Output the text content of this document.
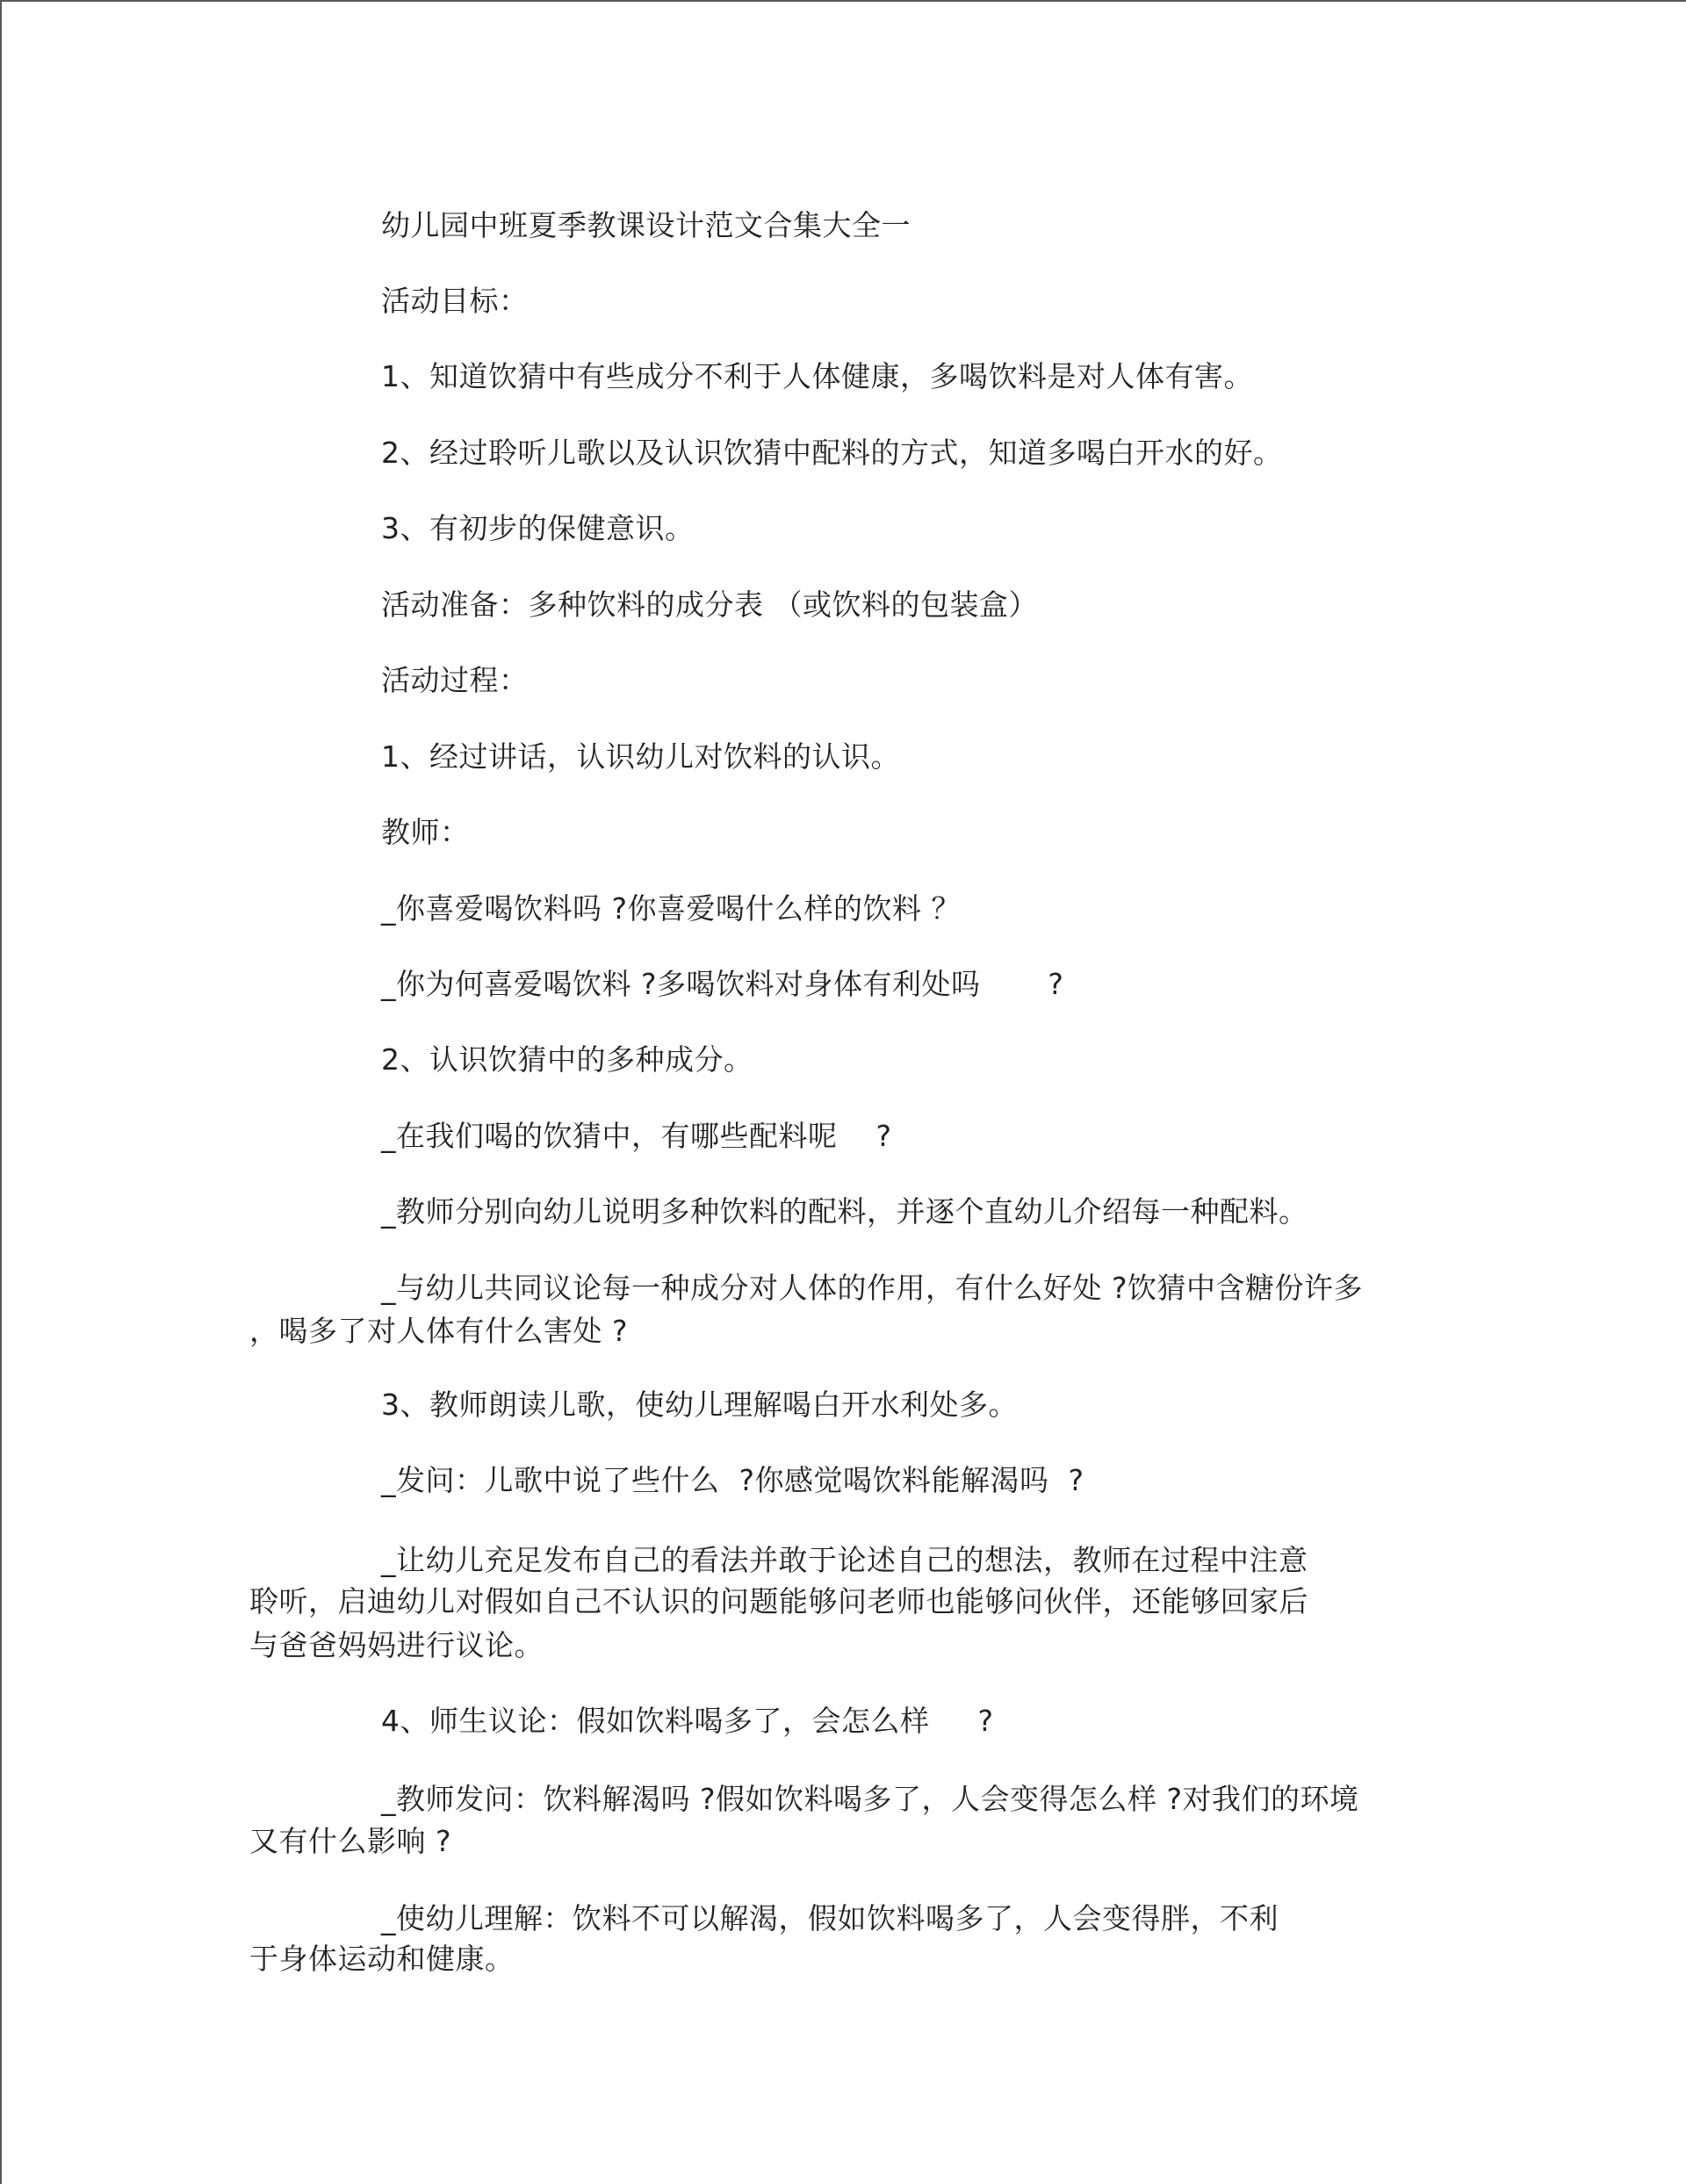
幼儿园中班夏季教课设计范文合集大全一
活动目标：
1、知道饮猜中有些成分不利于人体健康，多喝饮料是对人体有害。
2、经过聆听儿歌以及认识饮猜中配料的方式，知道多喝白开水的好。
3、有初步的保健意识。
活动准备：多种饮料的成分表 （或饮料的包装盒）
活动过程：
1、经过讲话，认识幼儿对饮料的认识。
教师：
_你喜爱喝饮料吗 ?你喜爱喝什么样的饮料 ？
_你为何喜爱喝饮料 ?多喝饮料对身体有利处吗       ?
2、认识饮猜中的多种成分。
_在我们喝的饮猜中，有哪些配料呢    ?
_教师分别向幼儿说明多种饮料的配料，并逐个直幼儿介绍每一种配料。
_与幼儿共同议论每一种成分对人体的作用，有什么好处 ?饮猜中含糖份许多
，喝多了对人体有什么害处 ?
3、教师朗读儿歌，使幼儿理解喝白开水利处多。
_发问：儿歌中说了些什么  ?你感觉喝饮料能解渴吗  ?
_让幼儿充足发布自己的看法并敢于论述自己的想法，教师在过程中注意
聆听，启迪幼儿对假如自己不认识的问题能够问老师也能够问伙伴，还能够回家后
与爸爸妈妈进行议论。
4、师生议论：假如饮料喝多了，会怎么样     ?
_教师发问：饮料解渴吗 ?假如饮料喝多了，人会变得怎么样 ?对我们的环境
又有什么影响 ?
_使幼儿理解：饮料不可以解渴，假如饮料喝多了，人会变得胖，不利
于身体运动和健康。
